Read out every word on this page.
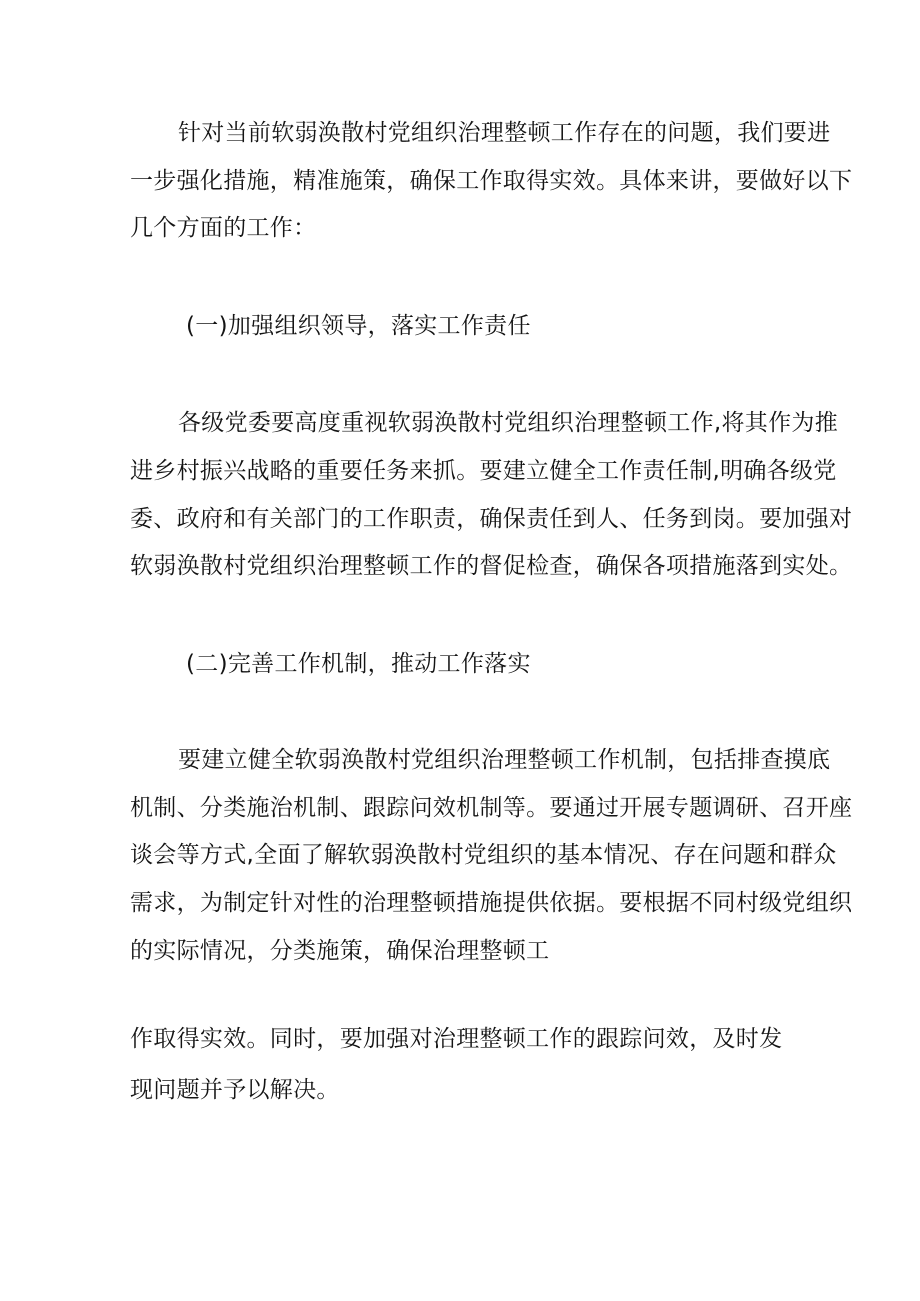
针对当前软弱涣散村党组织治理整顿工作存在的问题，我们要进
一步强化措施，精准施策，确保工作取得实效。具体来讲，要做好以下
几个方面的工作：
(一)加强组织领导，落实工作责任
各级党委要高度重视软弱涣散村党组织治理整顿工作,将其作为推
进乡村振兴战略的重要任务来抓。要建立健全工作责任制,明确各级党
委、政府和有关部门的工作职责，确保责任到人、任务到岗。要加强对
软弱涣散村党组织治理整顿工作的督促检查，确保各项措施落到实处。
(二)完善工作机制，推动工作落实
要建立健全软弱涣散村党组织治理整顿工作机制，包括排查摸底
机制、分类施治机制、跟踪问效机制等。要通过开展专题调研、召开座
谈会等方式,全面了解软弱涣散村党组织的基本情况、存在问题和群众
需求，为制定针对性的治理整顿措施提供依据。要根据不同村级党组织
的实际情况，分类施策，确保治理整顿工
作取得实效。同时，要加强对治理整顿工作的跟踪问效，及时发
现问题并予以解决。
